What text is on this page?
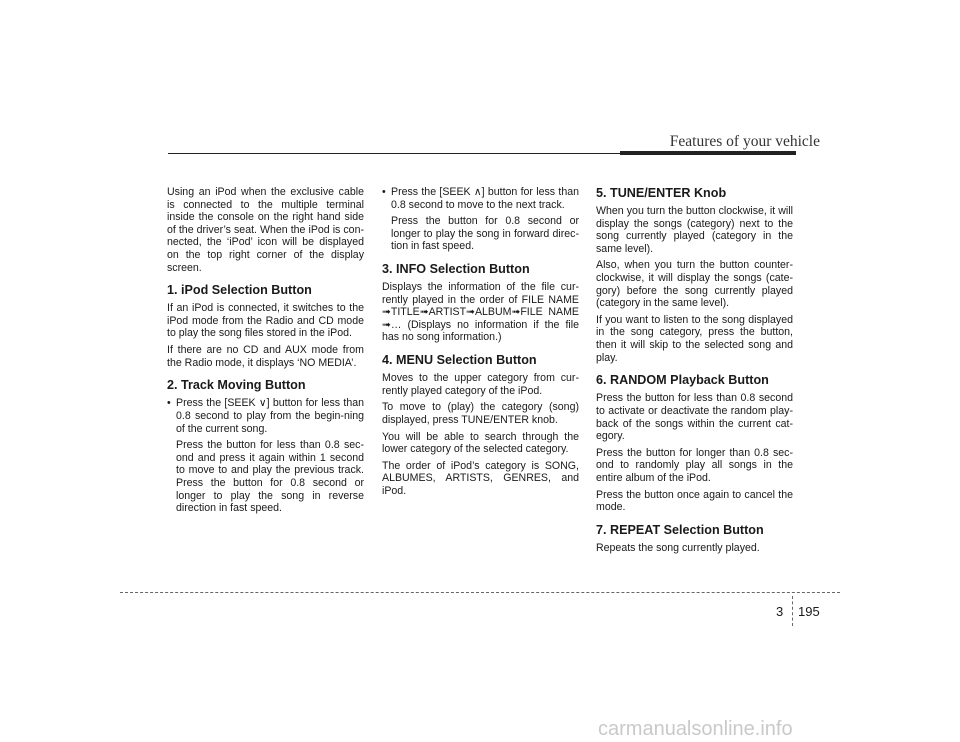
Features of your vehicle

Using an iPod when the exclusive cable is connected to the multiple terminal inside the console on the right hand side of the driver’s seat. When the iPod is con-nected, the ‘iPod’ icon will be displayed on the top right corner of the display screen.

1. iPod Selection Button

If an iPod is connected, it switches to the iPod mode from the Radio and CD mode to play the song files stored in the iPod.

If there are no CD and AUX mode from the Radio mode, it displays ‘NO MEDIA’.

2. Track Moving Button

• Press the [SEEK ∨] button for less than 0.8 second to play from the begin-ning of the current song.

Press the button for less than 0.8 sec-ond and press it again within 1 second to move to and play the previous track. Press the button for 0.8 second or longer to play the song in reverse direction in fast speed.

• Press the [SEEK ∧] button for less than 0.8 second to move to the next track.

Press the button for 0.8 second or longer to play the song in forward direc-tion in fast speed.

3. INFO Selection Button

Displays the information of the file cur-rently played in the order of FILE NAME ➟TITLE➟ARTIST➟ALBUM➟FILE NAME ➟… (Displays no information if the file has no song information.)

4. MENU Selection Button

Moves to the upper category from cur-rently played category of the iPod.

To move to (play) the category (song) displayed, press TUNE/ENTER knob.

You will be able to search through the lower category of the selected category.

The order of iPod’s category is SONG, ALBUMES, ARTISTS, GENRES, and iPod.

5. TUNE/ENTER Knob

When you turn the button clockwise, it will display the songs (category) next to the song currently played (category in the same level).

Also, when you turn the button counter-clockwise, it will display the songs (cate-gory) before the song currently played (category in the same level).

If you want to listen to the song displayed in the song category, press the button, then it will skip to the selected song and play.

6. RANDOM Playback Button

Press the button for less than 0.8 second to activate or deactivate the random play-back of the songs within the current cat-egory.

Press the button for longer than 0.8 sec-ond to randomly play all songs in the entire album of the iPod.

Press the button once again to cancel the mode.

7. REPEAT Selection Button

Repeats the song currently played.

3 195
carmanualsonline.info
